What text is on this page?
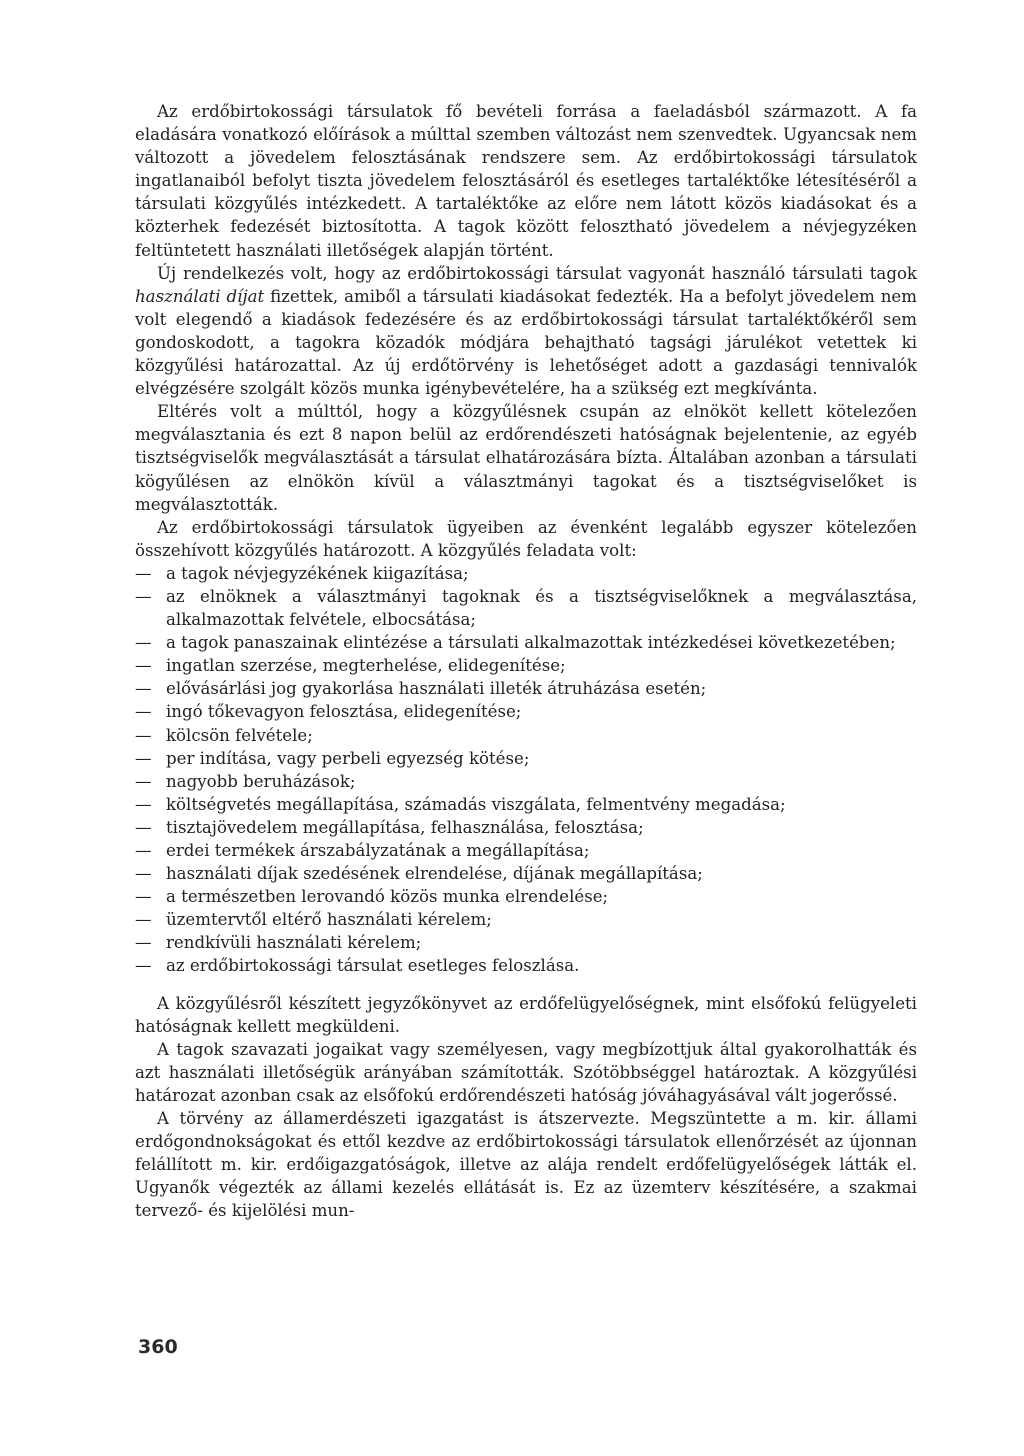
Az erdőbirtokossági társulatok fő bevételi forrása a faeladásból származott. A fa eladására vonatkozó előírások a múlttal szemben változást nem szenvedtek. Ugyancsak nem változott a jövedelem felosztásának rendszere sem. Az erdőbirtokossági társulatok ingatlanaiból befolyt tiszta jövedelem felosztásáról és esetleges tartaléktőke létesítéséről a társulati közgyűlés intézkedett. A tartaléktőke az előre nem látott közös kiadásokat és a közterhek fedezését biztosította. A tagok között felosztható jövedelem a névjegyzéken feltüntetett használati illetőségek alapján történt.

Új rendelkezés volt, hogy az erdőbirtokossági társulat vagyonát használó társulati tagok használati díjat fizettek, amiből a társulati kiadásokat fedezték. Ha a befolyt jövedelem nem volt elegendő a kiadások fedezésére és az erdőbirtokossági társulat tartaléktőkéről sem gondoskodott, a tagokra közadók módjára behajtható tagsági járulékot vetettek ki közgyűlési határozattal. Az új erdőtörvény is lehetőséget adott a gazdasági tennivalók elvégzésére szolgált közös munka igénybevételére, ha a szükség ezt megkívánta.

Eltérés volt a múlttól, hogy a közgyűlésnek csupán az elnököt kellett kötelezően megválasztania és ezt 8 napon belül az erdőrendészeti hatóságnak bejelentenie, az egyéb tisztségviselők megválasztását a társulat elhatározására bízta. Általában azonban a társulati kögyűlésen az elnökön kívül a választmányi tagokat és a tisztségviselőket is megválasztották.

Az erdőbirtokossági társulatok ügyeiben az évenként legalább egyszer kötelezően összehívott közgyűlés határozott. A közgyűlés feladata volt:

— a tagok névjegyzékének kiigazítása;
— az elnöknek a választmányi tagoknak és a tisztségviselőknek a megválasztása, alkalmazottak felvétele, elbocsátása;
— a tagok panaszainak elintézése a társulati alkalmazottak intézkedései következetében;
— ingatlan szerzése, megterhelése, elidegenítése;
— elővásárlási jog gyakorlása használati illeték átruházása esetén;
— ingó tőkevagyon felosztása, elidegenítése;
— kölcsön felvétele;
— per indítása, vagy perbeli egyezség kötése;
— nagyobb beruházások;
— költségvetés megállapítása, számadás viszgálata, felmentvény megadása;
— tisztajövedelem megállapítása, felhasználása, felosztása;
— erdei termékek árszabályzatának a megállapítása;
— használati díjak szedésének elrendelése, díjának megállapítása;
— a természetben lerovandó közös munka elrendelése;
— üzemtervtől eltérő használati kérelem;
— rendkívüli használati kérelem;
— az erdőbirtokossági társulat esetleges feloszlása.

A közgyűlésről készített jegyzőkönyvet az erdőfelügyelőségnek, mint elsőfokú felügyeleti hatóságnak kellett megküldeni.

A tagok szavazati jogaikat vagy személyesen, vagy megbízottjuk által gyakorolhatták és azt használati illetőségük arányában számították. Szótöbbséggel határoztak. A közgyűlési határozat azonban csak az elsőfokú erdőrendészeti hatóság jóváhagyásával vált jogerőssé.

A törvény az államerdészeti igazgatást is átszervezte. Megszüntette a m. kir. állami erdőgondnokságokat és ettől kezdve az erdőbirtokossági társulatok ellenőrzését az újonnan felállított m. kir. erdőigazgatóságok, illetve az alája rendelt erdőfelügyelőségek látták el. Ugyanők végezték az állami kezelés ellátását is. Ez az üzemterv készítésére, a szakmai tervező- és kijelölési mun-

360
